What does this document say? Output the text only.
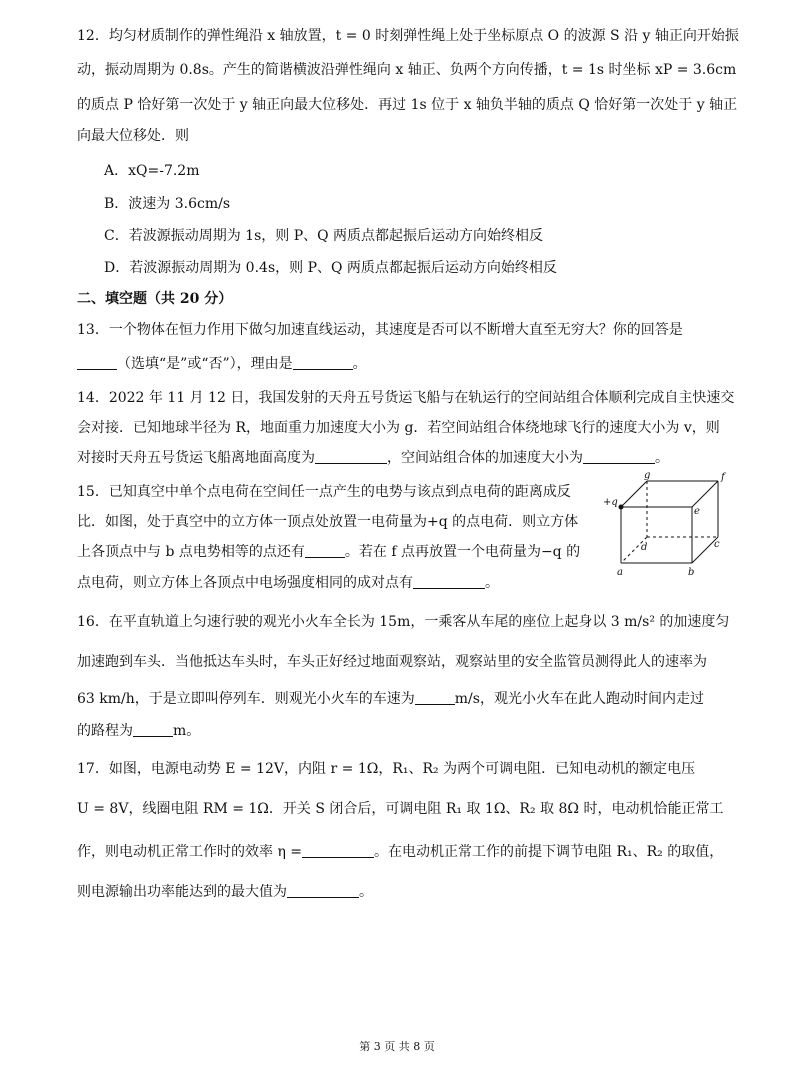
12．均匀材质制作的弹性绳沿 x 轴放置，t = 0 时刻弹性绳上处于坐标原点 O 的波源 S 沿 y 轴正向开始振
动，振动周期为 0.8s。产生的简谐横波沿弹性绳向 x 轴正、负两个方向传播，t = 1s 时坐标 xP = 3.6cm
的质点 P 恰好第一次处于 y 轴正向最大位移处．再过 1s 位于 x 轴负半轴的质点 Q 恰好第一次处于 y 轴正
向最大位移处．则
A．xQ=-7.2m
B．波速为 3.6cm/s
C．若波源振动周期为 1s，则 P、Q 两质点都起振后运动方向始终相反
D．若波源振动周期为 0.4s，则 P、Q 两质点都起振后运动方向始终相反
二、填空题（共 20 分）
13．一个物体在恒力作用下做匀加速直线运动，其速度是否可以不断增大直至无穷大？你的回答是
（选填“是”或“否”），理由是	。
14．2022 年 11 月 12 日，我国发射的天舟五号货运飞船与在轨运行的空间站组合体顺利完成自主快速交
会对接．已知地球半径为 R，地面重力加速度大小为 g．若空间站组合体绕地球飞行的速度大小为 v，则
对接时天舟五号货运飞船离地面高度为	，空间站组合体的加速度大小为	。
15．已知真空中单个点电荷在空间任一点产生的电势与该点到点电荷的距离成反
比．如图，处于真空中的立方体一顶点处放置一电荷量为+q 的点电荷．则立方体
上各顶点中与 b 点电势相等的点还有	。若在 f 点再放置一个电荷量为−q 的
点电荷，则立方体上各顶点中电场强度相同的成对点有	。
+q
g	f
e
d	c
a	b
16．在平直轨道上匀速行驶的观光小火车全长为 15m，一乘客从车尾的座位上起身以 3 m/s² 的加速度匀
加速跑到车头．当他抵达车头时，车头正好经过地面观察站，观察站里的安全监管员测得此人的速率为
63 km/h，于是立即叫停列车．则观光小火车的车速为	m/s，观光小火车在此人跑动时间内走过
的路程为	m。
17．如图，电源电动势 E = 12V，内阻 r = 1Ω，R₁、R₂ 为两个可调电阻．已知电动机的额定电压
U = 8V，线圈电阻 RM = 1Ω．开关 S 闭合后，可调电阻 R₁ 取 1Ω、R₂ 取 8Ω 时，电动机恰能正常工
作，则电动机正常工作时的效率 η =	。在电动机正常工作的前提下调节电阻 R₁、R₂ 的取值，
则电源输出功率能达到的最大值为	。
第 3 页 共 8 页
